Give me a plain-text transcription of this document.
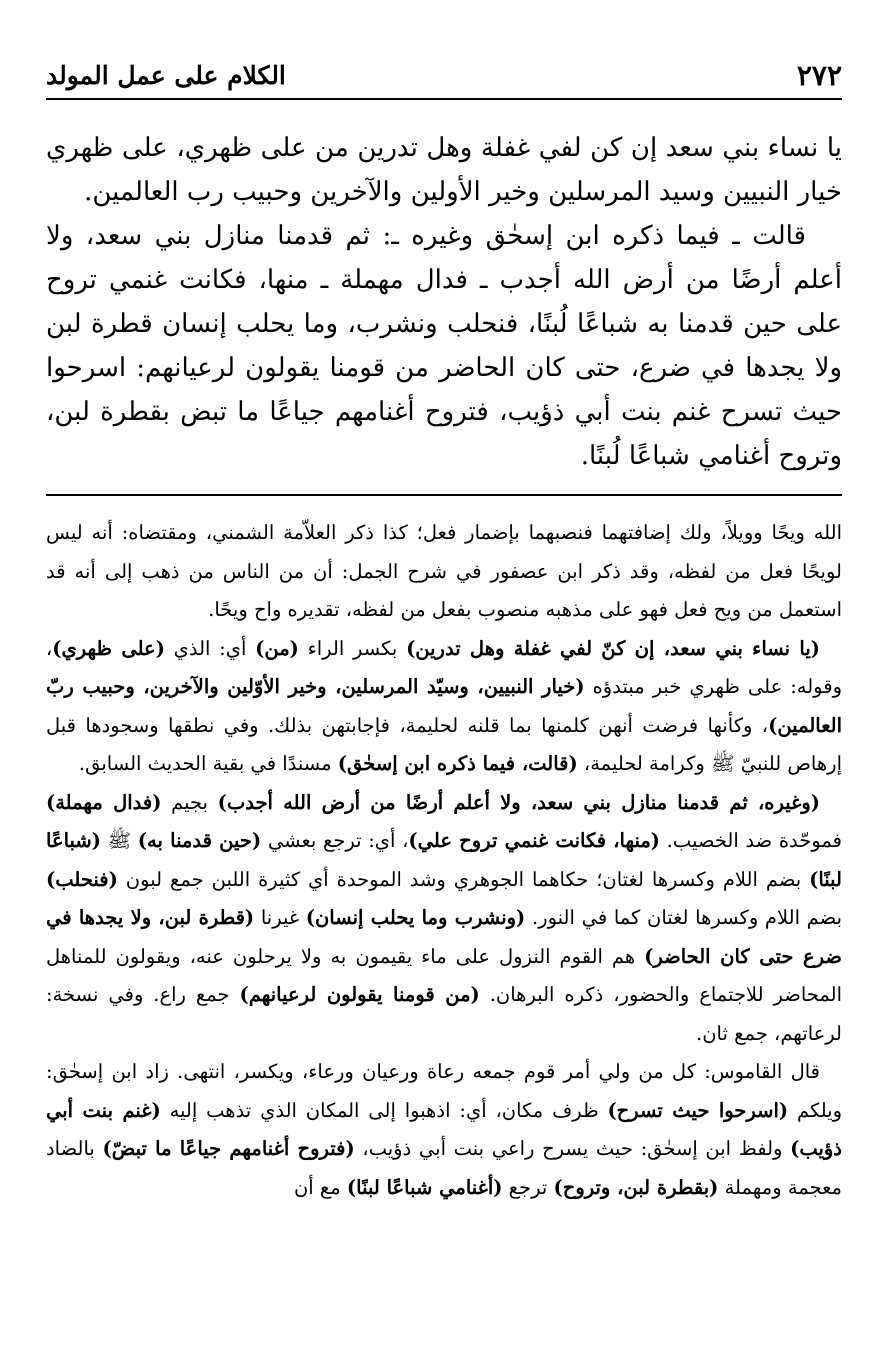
٢٧٢
الكلام على عمل المولد

يا نساء بني سعد إن كن لفي غفلة وهل تدرين من على ظهري، على ظهري خيار النبيين وسيد المرسلين وخير الأولين والآخرين وحبيب رب العالمين.

قالت ـ فيما ذكره ابن إسحٰق وغيره ـ: ثم قدمنا منازل بني سعد، ولا أعلم أرضًا من أرض الله أجدب ـ فدال مهملة ـ منها، فكانت غنمي تروح على حين قدمنا به شباعًا لُبنًا، فنحلب ونشرب، وما يحلب إنسان قطرة لبن ولا يجدها في ضرع، حتى كان الحاضر من قومنا يقولون لرعيانهم: اسرحوا حيث تسرح غنم بنت أبي ذؤيب، فتروح أغنامهم جياعًا ما تبض بقطرة لبن، وتروح أغنامي شباعًا لُبنًا.

الله ويحًا وويلاً، ولك إضافتهما فنصبهما بإضمار فعل؛ كذا ذكر العلاّمة الشمني، ومقتضاه: أنه ليس لويحًا فعل من لفظه، وقد ذكر ابن عصفور في شرح الجمل: أن من الناس من ذهب إلى أنه قد استعمل من ويح فعل فهو على مذهبه منصوب بفعل من لفظه، تقديره واح ويحًا.

(يا نساء بني سعد، إن كنّ لفي غفلة وهل تدرين) بكسر الراء (من) أي: الذي (على ظهري)، وقوله: على ظهري خبر مبتدؤه (خيار النبيين، وسيّد المرسلين، وخير الأوّلين والآخرين، وحبيب ربّ العالمين)، وكأنها فرضت أنهن كلمنها بما قلنه لحليمة، فإجابتهن بذلك. وفي نطقها وسجودها قبل إرهاص للنبيّ ﷺ وكرامة لحليمة، (قالت، فيما ذكره ابن إسحٰق) مسندًا في بقية الحديث السابق.

(وغيره، ثم قدمنا منازل بني سعد، ولا أعلم أرضًا من أرض الله أجدب) بجيم (فدال مهملة) فموحّدة ضد الخصيب. (منها، فكانت غنمي تروح علي)، أي: ترجع بعشي (حين قدمنا به) ﷺ (شباعًا لبنًا) بضم اللام وكسرها لغتان؛ حكاهما الجوهري وشد الموحدة أي كثيرة اللبن جمع لبون (فنحلب) بضم اللام وكسرها لغتان كما في النور. (ونشرب وما يحلب إنسان) غيرنا (قطرة لبن، ولا يجدها في ضرع حتى كان الحاضر) هم القوم النزول على ماء يقيمون به ولا يرحلون عنه، ويقولون للمناهل المحاضر للاجتماع والحضور، ذكره البرهان. (من قومنا يقولون لرعيانهم) جمع راع. وفي نسخة: لرعاتهم، جمع ثان.

قال القاموس: كل من ولي أمر قوم جمعه رعاة ورعيان ورعاء، ويكسر، انتهى. زاد ابن إسحٰق: ويلكم (اسرحوا حيث تسرح) ظرف مكان، أي: اذهبوا إلى المكان الذي تذهب إليه (غنم بنت أبي ذؤيب) ولفظ ابن إسحٰق: حيث يسرح راعي بنت أبي ذؤيب، (فتروح أغنامهم جياعًا ما تبضّ) بالضاد معجمة ومهملة (بقطرة لبن، وتروح) ترجع (أغنامي شباعًا لبنًا) مع أن
